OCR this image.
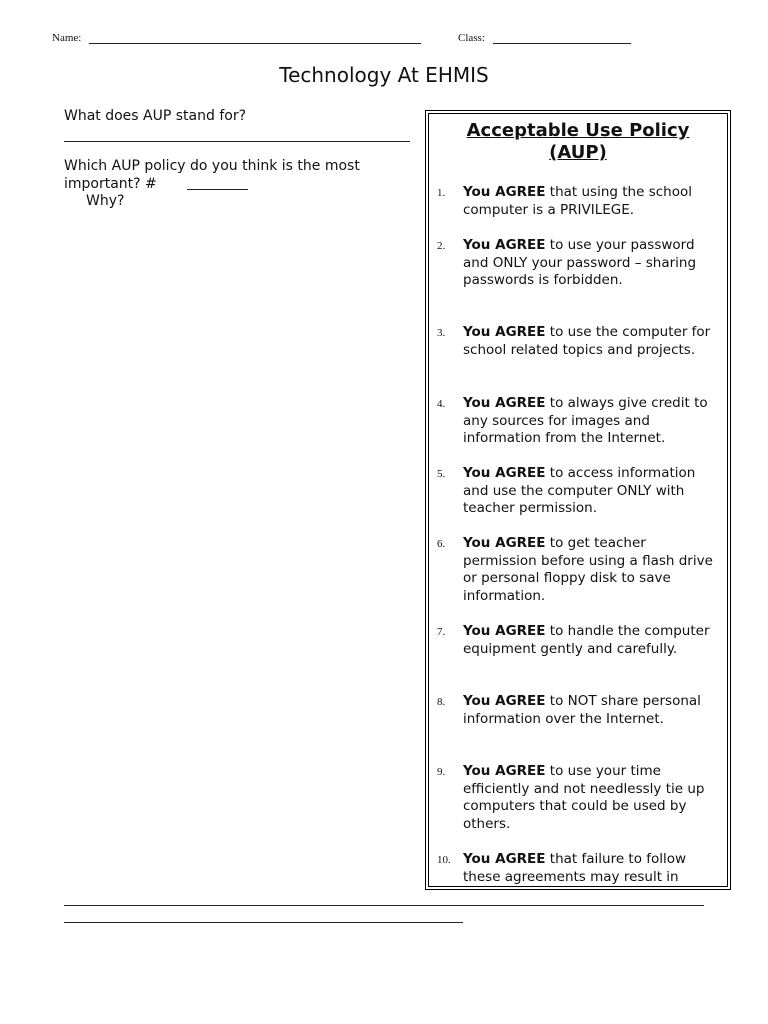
Name:	Class:
Technology At EHMIS
What does AUP stand for?
Which AUP policy do you think is the most
important? #
Why?
Acceptable Use Policy
(AUP)
1.	You AGREE that using the school computer is a PRIVILEGE.
2.	You AGREE to use your password and ONLY your password – sharing passwords is forbidden.
3.	You AGREE to use the computer for school related topics and projects.
4.	You AGREE to always give credit to any sources for images and information from the Internet.
5.	You AGREE to access information and use the computer ONLY with teacher permission.
6.	You AGREE to get teacher permission before using a flash drive or personal floppy disk to save information.
7.	You AGREE to handle the computer equipment gently and carefully.
8.	You AGREE to NOT share personal information over the Internet.
9.	You AGREE to use your time efficiently and not needlessly tie up computers that could be used by others.
10. You AGREE that failure to follow these agreements may result in
